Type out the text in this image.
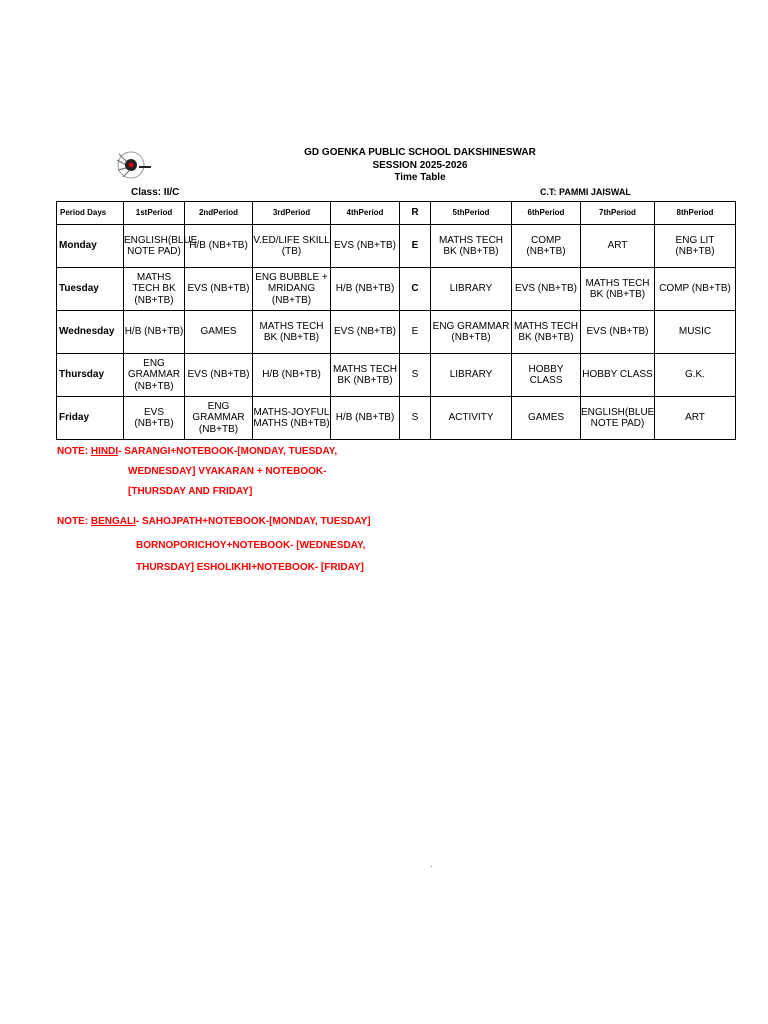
GD GOENKA PUBLIC SCHOOL DAKSHINESWAR
SESSION 2025-2026
Time Table
Class: II/C	C.T: PAMMI JAISWAL
Period Days	1stPeriod	2ndPeriod	3rdPeriod	4thPeriod	R	5thPeriod	6thPeriod	7thPeriod	8thPeriod
Monday	ENGLISH(BLUE NOTE PAD)	H/B (NB+TB)	V.ED/LIFE SKILL (TB)	EVS (NB+TB)	E	MATHS TECH BK (NB+TB)	COMP (NB+TB)	ART	ENG LIT (NB+TB)
Tuesday	MATHS TECH BK (NB+TB)	EVS (NB+TB)	ENG BUBBLE + MRIDANG (NB+TB)	H/B (NB+TB)	C	LIBRARY	EVS (NB+TB)	MATHS TECH BK (NB+TB)	COMP (NB+TB)
Wednesday	H/B (NB+TB)	GAMES	MATHS TECH BK (NB+TB)	EVS (NB+TB)	E	ENG GRAMMAR (NB+TB)	MATHS TECH BK (NB+TB)	EVS (NB+TB)	MUSIC
Thursday	ENG GRAMMAR (NB+TB)	EVS (NB+TB)	H/B (NB+TB)	MATHS TECH BK (NB+TB)	S	LIBRARY	HOBBY CLASS	HOBBY CLASS	G.K.
Friday	EVS (NB+TB)	ENG GRAMMAR (NB+TB)	MATHS-JOYFUL MATHS (NB+TB)	H/B (NB+TB)	S	ACTIVITY	GAMES	ENGLISH(BLUE NOTE PAD)	ART
NOTE: HINDI- SARANGI+NOTEBOOK-[MONDAY, TUESDAY,
WEDNESDAY] VYAKARAN + NOTEBOOK-
[THURSDAY AND FRIDAY]
NOTE: BENGALI- SAHOJPATH+NOTEBOOK-[MONDAY, TUESDAY]
BORNOPORICHOY+NOTEBOOK- [WEDNESDAY,
THURSDAY] ESHOLIKHI+NOTEBOOK- [FRIDAY]
`
